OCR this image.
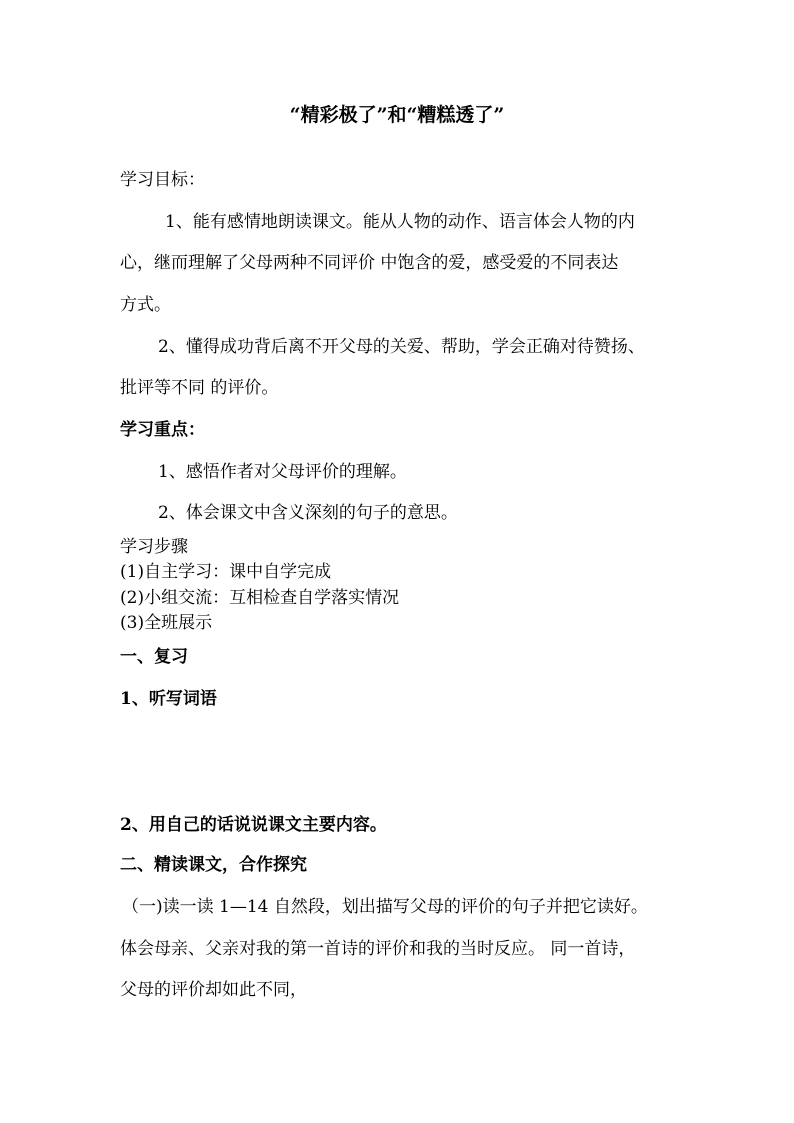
“精彩极了”和“糟糕透了”
学习目标：
1、能有感情地朗读课文。能从人物的动作、语言体会人物的内
心，继而理解了父母两种不同评价 中饱含的爱，感受爱的不同表达
方式。
2、懂得成功背后离不开父母的关爱、帮助，学会正确对待赞扬、
批评等不同 的评价。
学习重点：
1、感悟作者对父母评价的理解。
2、体会课文中含义深刻的句子的意思。
学习步骤
(1)自主学习：课中自学完成
(2)小组交流：互相检查自学落实情况
(3)全班展示
一、复习
1、听写词语
2、用自己的话说说课文主要内容。
二、精读课文，合作探究
（一)读一读 1—14 自然段，划出描写父母的评价的句子并把它读好。
体会母亲、父亲对我的第一首诗的评价和我的当时反应。 同一首诗，
父母的评价却如此不同，
